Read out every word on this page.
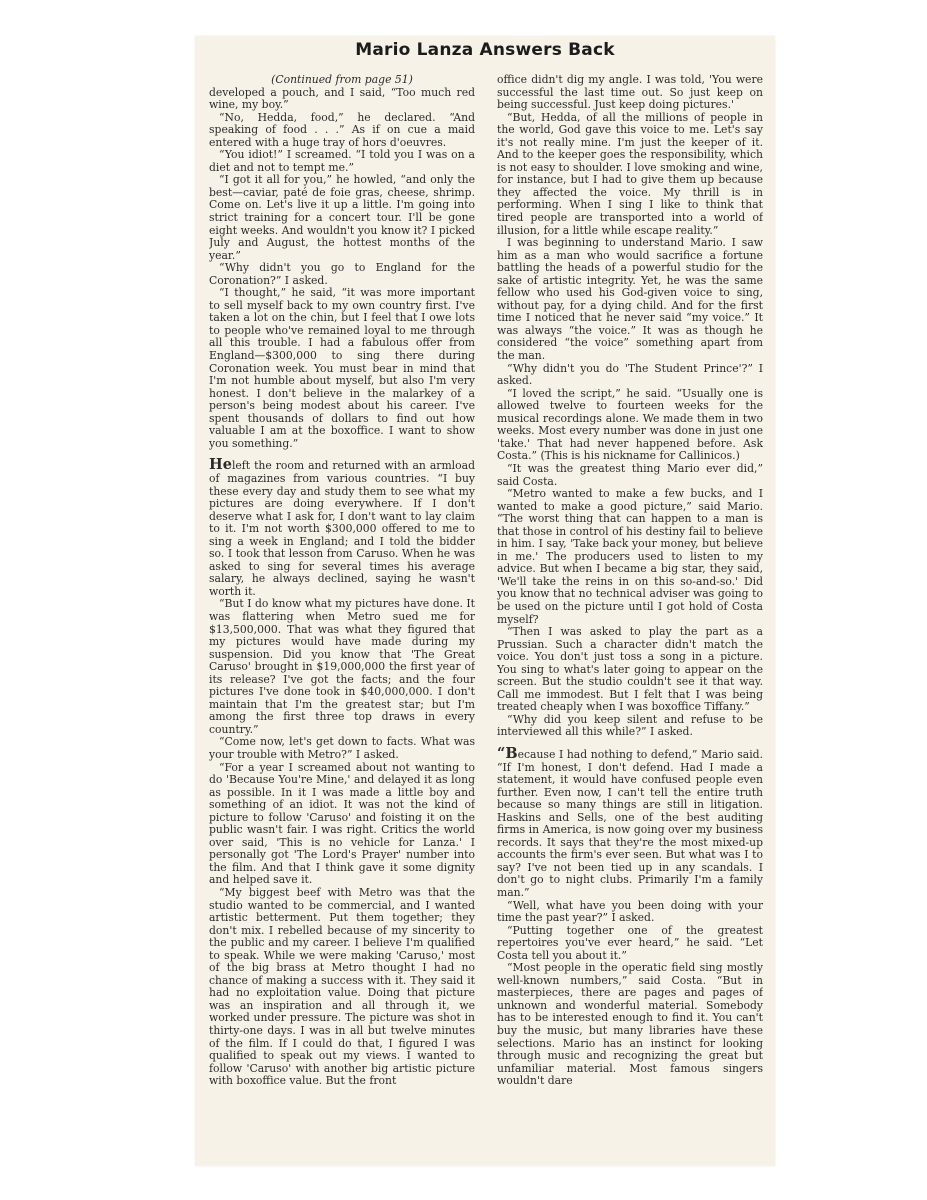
Mario Lanza Answers Back

(Continued from page 51)

developed a pouch, and I said, “Too much red wine, my boy.”

“No, Hedda, food,” he declared. “And speaking of food . . .” As if on cue a maid entered with a huge tray of hors d'oeuvres.

“You idiot!” I screamed. “I told you I was on a diet and not to tempt me.”

“I got it all for you,” he howled, “and only the best—caviar, paté de foie gras, cheese, shrimp. Come on. Let's live it up a little. I'm going into strict training for a concert tour. I'll be gone eight weeks. And wouldn't you know it? I picked July and August, the hottest months of the year.”

“Why didn't you go to England for the Coronation?” I asked.

“I thought,” he said, “it was more important to sell myself back to my own country first. I've taken a lot on the chin, but I feel that I owe lots to people who've remained loyal to me through all this trouble. I had a fabulous offer from England—$300,000 to sing there during Coronation week. You must bear in mind that I'm not humble about myself, but also I'm very honest. I don't believe in the malarkey of a person's being modest about his career. I've spent thousands of dollars to find out how valuable I am at the boxoffice. I want to show you something.”

Heleft the room and returned with an armload of magazines from various countries. “I buy these every day and study them to see what my pictures are doing everywhere. If I don't deserve what I ask for, I don't want to lay claim to it. I'm not worth $300,000 offered to me to sing a week in England; and I told the bidder so. I took that lesson from Caruso. When he was asked to sing for several times his average salary, he always declined, saying he wasn't worth it.

“But I do know what my pictures have done. It was flattering when Metro sued me for $13,500,000. That was what they figured that my pictures would have made during my suspension. Did you know that 'The Great Caruso' brought in $19,000,000 the first year of its release? I've got the facts; and the four pictures I've done took in $40,000,000. I don't maintain that I'm the greatest star; but I'm among the first three top draws in every country.”

“Come now, let's get down to facts. What was your trouble with Metro?” I asked.

“For a year I screamed about not wanting to do 'Because You're Mine,' and delayed it as long as possible. In it I was made a little boy and something of an idiot. It was not the kind of picture to follow 'Caruso' and foisting it on the public wasn't fair. I was right. Critics the world over said, 'This is no vehicle for Lanza.' I personally got 'The Lord's Prayer' number into the film. And that I think gave it some dignity and helped save it.

“My biggest beef with Metro was that the studio wanted to be commercial, and I wanted artistic betterment. Put them together; they don't mix. I rebelled because of my sincerity to the public and my career. I believe I'm qualified to speak. While we were making 'Caruso,' most of the big brass at Metro thought I had no chance of making a success with it. They said it had no exploitation value. Doing that picture was an inspiration and all through it, we worked under pressure. The picture was shot in thirty-one days. I was in all but twelve minutes of the film. If I could do that, I figured I was qualified to speak out my views. I wanted to follow 'Caruso' with another big artistic picture with boxoffice value. But the front

office didn't dig my angle. I was told, 'You were successful the last time out. So just keep on being successful. Just keep doing pictures.'

“But, Hedda, of all the millions of people in the world, God gave this voice to me. Let's say it's not really mine. I'm just the keeper of it. And to the keeper goes the responsibility, which is not easy to shoulder. I love smoking and wine, for instance, but I had to give them up because they affected the voice. My thrill is in performing. When I sing I like to think that tired people are transported into a world of illusion, for a little while escape reality.”

I was beginning to understand Mario. I saw him as a man who would sacrifice a fortune battling the heads of a powerful studio for the sake of artistic integrity. Yet, he was the same fellow who used his God-given voice to sing, without pay, for a dying child. And for the first time I noticed that he never said “my voice.” It was always “the voice.” It was as though he considered “the voice” something apart from the man.

“Why didn't you do 'The Student Prince'?” I asked.

“I loved the script,” he said. “Usually one is allowed twelve to fourteen weeks for the musical recordings alone. We made them in two weeks. Most every number was done in just one 'take.' That had never happened before. Ask Costa.” (This is his nickname for Callinicos.)

“It was the greatest thing Mario ever did,” said Costa.

“Metro wanted to make a few bucks, and I wanted to make a good picture,” said Mario. “The worst thing that can happen to a man is that those in control of his destiny fail to believe in him. I say, 'Take back your money, but believe in me.' The producers used to listen to my advice. But when I became a big star, they said, 'We'll take the reins in on this so-and-so.' Did you know that no technical adviser was going to be used on the picture until I got hold of Costa myself?

“Then I was asked to play the part as a Prussian. Such a character didn't match the voice. You don't just toss a song in a picture. You sing to what's later going to appear on the screen. But the studio couldn't see it that way. Call me immodest. But I felt that I was being treated cheaply when I was boxoffice Tiffany.”

“Why did you keep silent and refuse to be interviewed all this while?” I asked.

“Because I had nothing to defend,” Mario said. “If I'm honest, I don't defend. Had I made a statement, it would have confused people even further. Even now, I can't tell the entire truth because so many things are still in litigation. Haskins and Sells, one of the best auditing firms in America, is now going over my business records. It says that they're the most mixed-up accounts the firm's ever seen. But what was I to say? I've not been tied up in any scandals. I don't go to night clubs. Primarily I'm a family man.”

“Well, what have you been doing with your time the past year?” I asked.

“Putting together one of the greatest repertoires you've ever heard,” he said. “Let Costa tell you about it.”

“Most people in the operatic field sing mostly well-known numbers,” said Costa. “But in masterpieces, there are pages and pages of unknown and wonderful material. Somebody has to be interested enough to find it. You can't buy the music, but many libraries have these selections. Mario has an instinct for looking through music and recognizing the great but unfamiliar material. Most famous singers wouldn't dare
